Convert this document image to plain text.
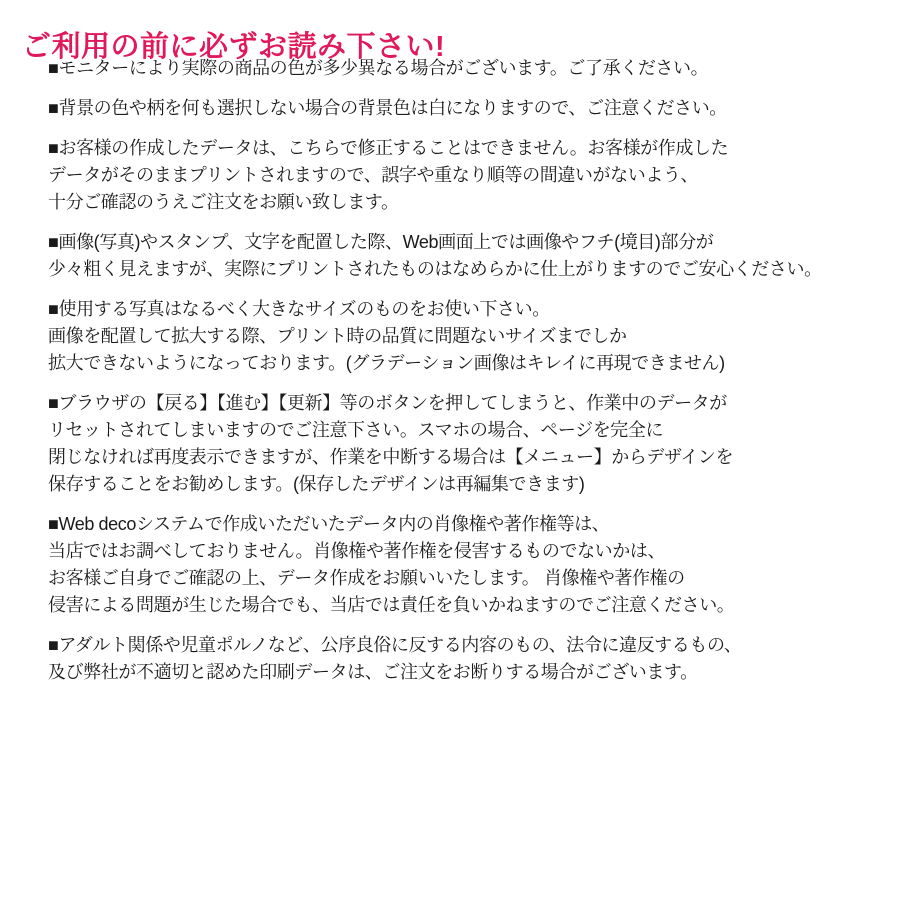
ご利用の前に必ずお読み下さい!

■モニターにより実際の商品の色が多少異なる場合がございます。ご了承ください。

■背景の色や柄を何も選択しない場合の背景色は白になりますので、ご注意ください。

■お客様の作成したデータは、こちらで修正することはできません。お客様が作成した
データがそのままプリントされますので、誤字や重なり順等の間違いがないよう、
十分ご確認のうえご注文をお願い致します。

■画像(写真)やスタンプ、文字を配置した際、Web画面上では画像やフチ(境目)部分が
少々粗く見えますが、実際にプリントされたものはなめらかに仕上がりますのでご安心ください。

■使用する写真はなるべく大きなサイズのものをお使い下さい。
画像を配置して拡大する際、プリント時の品質に問題ないサイズまでしか
拡大できないようになっております。(グラデーション画像はキレイに再現できません)

■ブラウザの【戻る】【進む】【更新】等のボタンを押してしまうと、作業中のデータが
リセットされてしまいますのでご注意下さい。スマホの場合、ページを完全に
閉じなければ再度表示できますが、作業を中断する場合は【メニュー】からデザインを
保存することをお勧めします。(保存したデザインは再編集できます)

■Web decoシステムで作成いただいたデータ内の肖像権や著作権等は、
当店ではお調べしておりません。肖像権や著作権を侵害するものでないかは、
お客様ご自身でご確認の上、データ作成をお願いいたします。 肖像権や著作権の
侵害による問題が生じた場合でも、当店では責任を負いかねますのでご注意ください。

■アダルト関係や児童ポルノなど、公序良俗に反する内容のもの、法令に違反するもの、
及び弊社が不適切と認めた印刷データは、ご注文をお断りする場合がございます。
